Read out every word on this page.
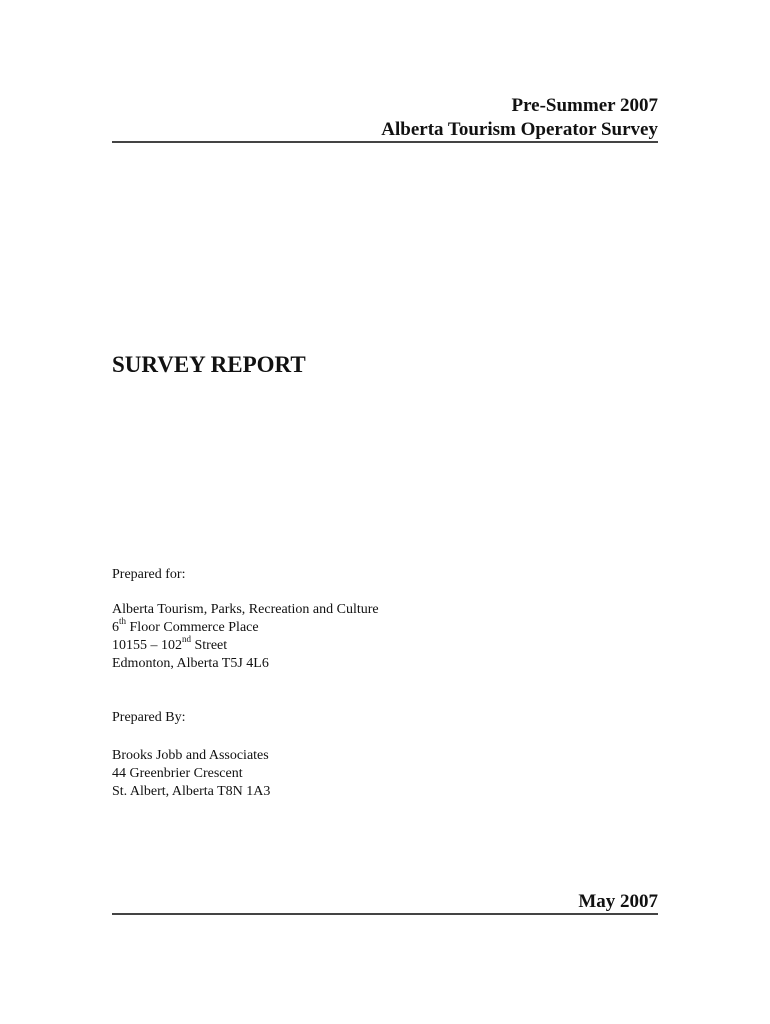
Pre-Summer 2007
Alberta Tourism Operator Survey
SURVEY REPORT

Prepared for:

Alberta Tourism, Parks, Recreation and Culture

6th Floor Commerce Place

10155 – 102nd Street

Edmonton, Alberta T5J 4L6

Prepared By:

Brooks Jobb and Associates

44 Greenbrier Crescent

St. Albert, Alberta T8N 1A3

May 2007
